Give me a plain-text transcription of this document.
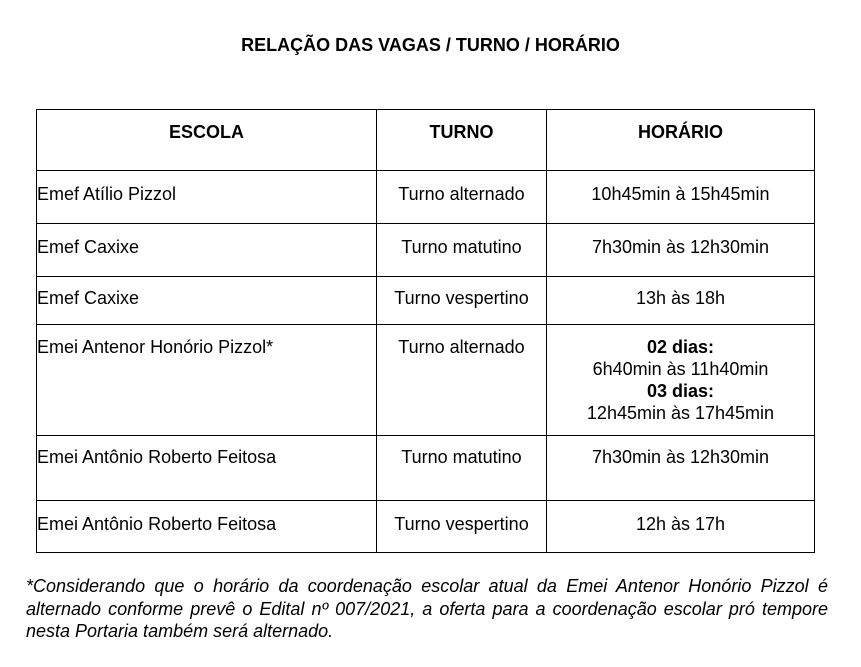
RELAÇÃO DAS VAGAS / TURNO / HORÁRIO
ESCOLA	TURNO	HORÁRIO
Emef Atílio Pizzol	Turno alternado	10h45min à 15h45min
Emef Caxixe	Turno matutino	7h30min às 12h30min
Emef Caxixe	Turno vespertino	13h às 18h
Emei Antenor Honório Pizzol*	Turno alternado	02 dias:
6h40min às 11h40min
03 dias:
12h45min às 17h45min

Emei Antônio Roberto Feitosa	Turno matutino	7h30min às 12h30min
Emei Antônio Roberto Feitosa	Turno vespertino	12h às 17h
*Considerando que o horário da coordenação escolar atual da Emei Antenor Honório Pizzol é alternado conforme prevê o Edital nº 007/2021, a oferta para a coordenação escolar pró tempore nesta Portaria também será alternado.
